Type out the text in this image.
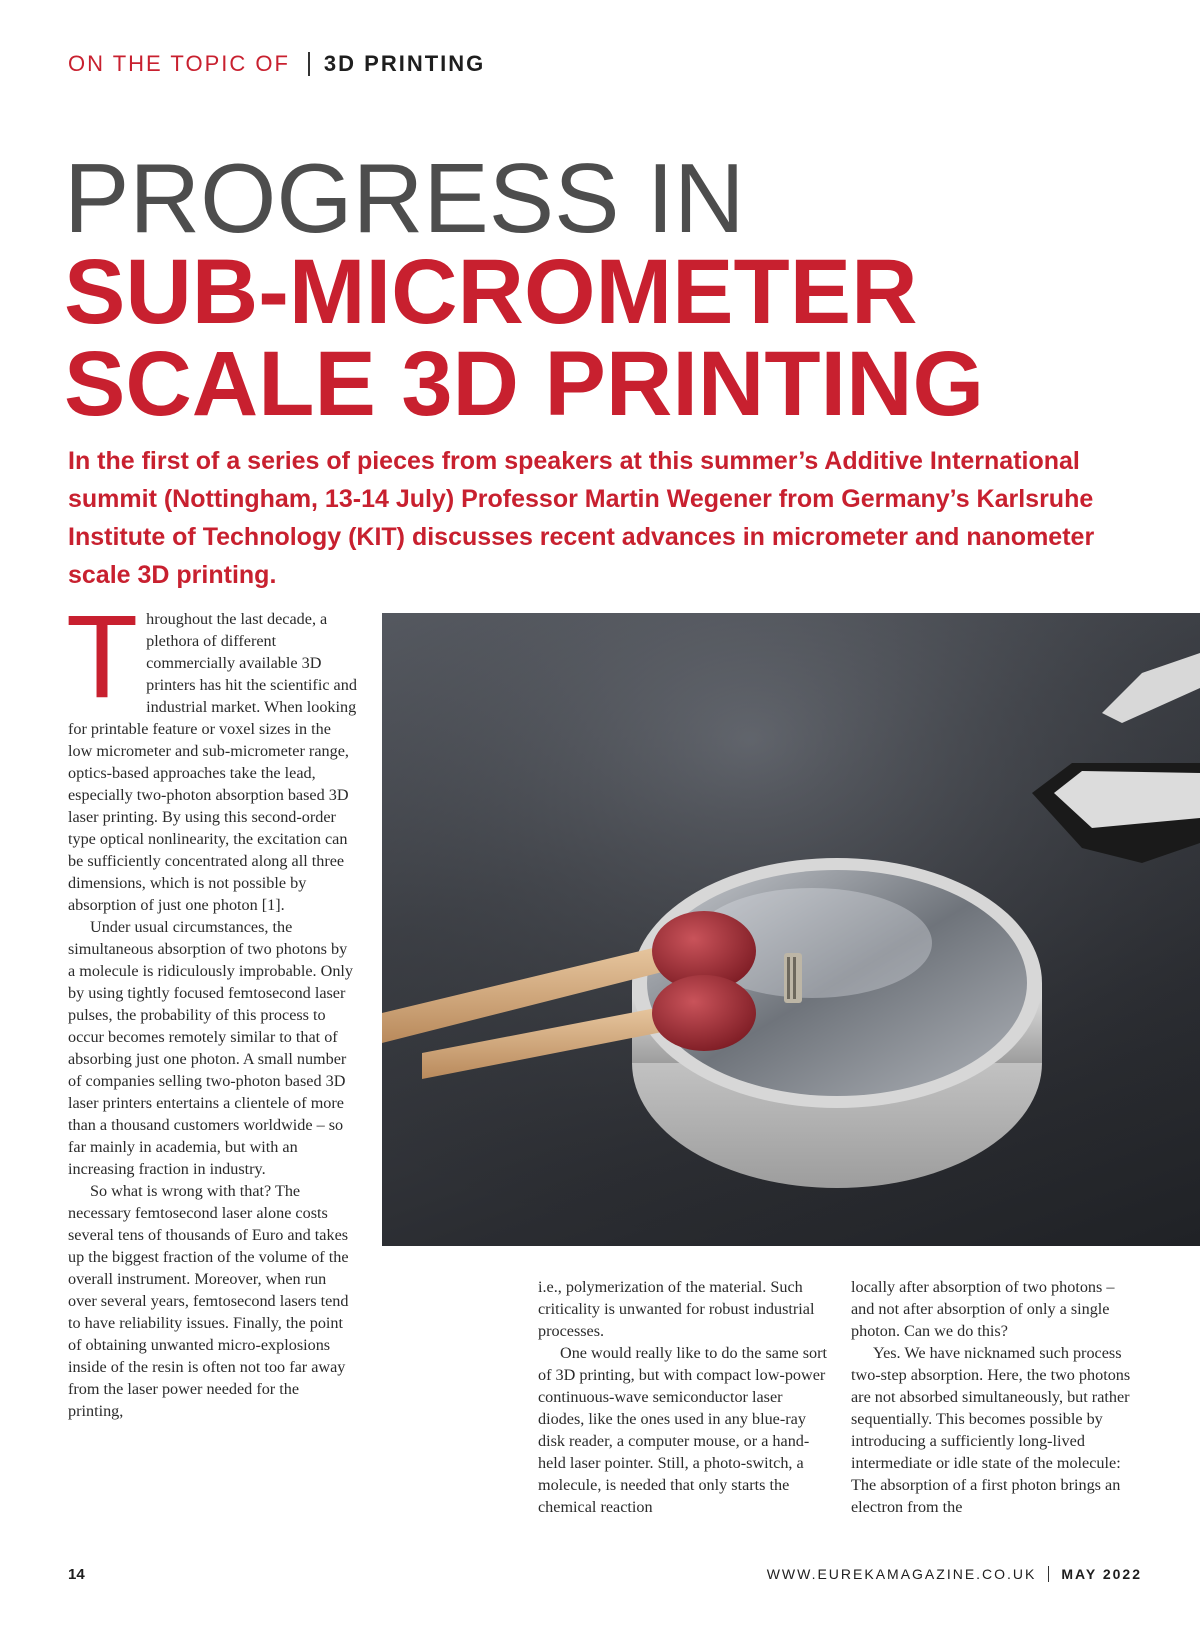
ON THE TOPIC OF 3D PRINTING
PROGRESS IN
SUB-MICROMETER
SCALE 3D PRINTING

In the first of a series of pieces from speakers at this summer’s Additive International summit (Nottingham, 13-14 July) Professor Martin Wegener from Germany’s Karlsruhe Institute of Technology (KIT) discusses recent advances in micrometer and nanometer scale 3D printing.

Throughout the last decade, a plethora of different commercially available 3D printers has hit the scientific and industrial market. When looking for printable feature or voxel sizes in the low micrometer and sub-micrometer range, optics-based approaches take the lead, especially two-photon absorption based 3D laser printing. By using this second-order type optical nonlinearity, the excitation can be sufficiently concentrated along all three dimensions, which is not possible by absorption of just one photon [1].

Under usual circumstances, the simultaneous absorption of two photons by a molecule is ridiculously improbable. Only by using tightly focused femtosecond laser pulses, the probability of this process to occur becomes remotely similar to that of absorbing just one photon. A small number of companies selling two-photon based 3D laser printers entertains a clientele of more than a thousand customers worldwide – so far mainly in academia, but with an increasing fraction in industry.

So what is wrong with that? The necessary femtosecond laser alone costs several tens of thousands of Euro and takes up the biggest fraction of the volume of the overall instrument. Moreover, when run over several years, femtosecond lasers tend to have reliability issues. Finally, the point of obtaining unwanted micro-explosions inside of the resin is often not too far away from the laser power needed for the printing,

i.e., polymerization of the material. Such criticality is unwanted for robust industrial processes.

One would really like to do the same sort of 3D printing, but with compact low-power continuous-wave semiconductor laser diodes, like the ones used in any blue-ray disk reader, a computer mouse, or a hand-held laser pointer. Still, a photo-switch, a molecule, is needed that only starts the chemical reaction

locally after absorption of two photons – and not after absorption of only a single photon. Can we do this?

Yes. We have nicknamed such process two-step absorption. Here, the two photons are not absorbed simultaneously, but rather sequentially. This becomes possible by introducing a sufficiently long-lived intermediate or idle state of the molecule: The absorption of a first photon brings an electron from the

14	WWW.EUREKAMAGAZINE.CO.UK MAY 2022
